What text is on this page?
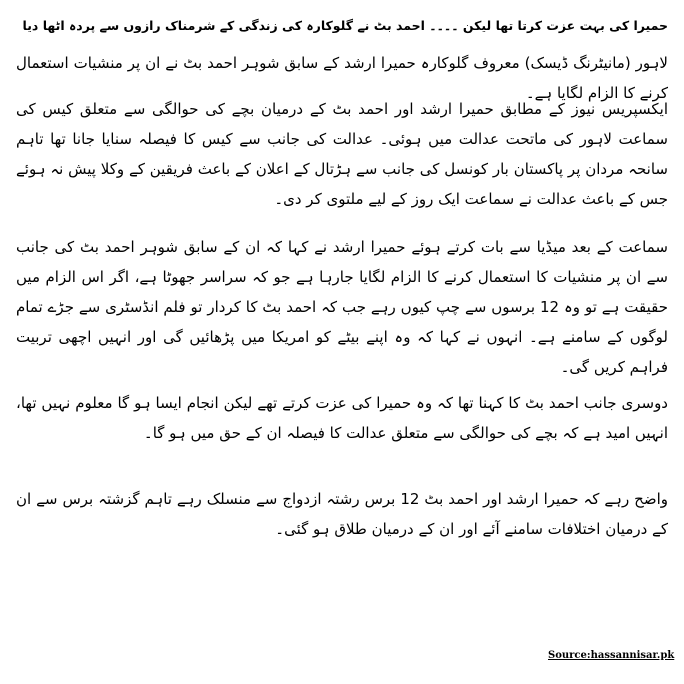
حمیرا کی بہت عزت کرتا تھا لیکن ۔۔۔۔ احمد بٹ نے گلوکارہ کی زندگی کے شرمناک رازوں سے پردہ اٹھا دیا

لاہور (مانیٹرنگ ڈیسک) معروف گلوکارہ حمیرا ارشد کے سابق شوہر احمد بٹ نے ان پر منشیات استعمال کرنے کا الزام لگایا ہے۔

ایکسپریس نیوز کے مطابق حمیرا ارشد اور احمد بٹ کے درمیان بچے کی حوالگی سے متعلق کیس کی سماعت لاہور کی ماتحت عدالت میں ہوئی۔ عدالت کی جانب سے کیس کا فیصلہ سنایا جانا تھا تاہم سانحہ مردان پر پاکستان بار کونسل کی جانب سے ہڑتال کے اعلان کے باعث فریقین کے وکلا پیش نہ ہوئے جس کے باعث عدالت نے سماعت ایک روز کے لیے ملتوی کر دی۔

سماعت کے بعد میڈیا سے بات کرتے ہوئے حمیرا ارشد نے کہا کہ ان کے سابق شوہر احمد بٹ کی جانب سے ان پر منشیات کا استعمال کرنے کا الزام لگایا جارہا ہے جو کہ سراسر جھوٹا ہے، اگر اس الزام میں حقیقت ہے تو وہ 12 برسوں سے چپ کیوں رہے جب کہ احمد بٹ کا کردار تو فلم انڈسٹری سے جڑے تمام لوگوں کے سامنے ہے۔ انہوں نے کہا کہ وہ اپنے بیٹے کو امریکا میں پڑھائیں گی اور انہیں اچھی تربیت فراہم کریں گی۔

دوسری جانب احمد بٹ کا کہنا تھا کہ وہ حمیرا کی عزت کرتے تھے لیکن انجام ایسا ہو گا معلوم نہیں تھا، انہیں امید ہے کہ بچے کی حوالگی سے متعلق عدالت کا فیصلہ ان کے حق میں ہو گا۔

واضح رہے کہ حمیرا ارشد اور احمد بٹ 12 برس رشتہ ازدواج سے منسلک رہے تاہم گزشتہ برس سے ان کے درمیان اختلافات سامنے آئے اور ان کے درمیان طلاق ہو گئی۔

Source:hassannisar.pk
